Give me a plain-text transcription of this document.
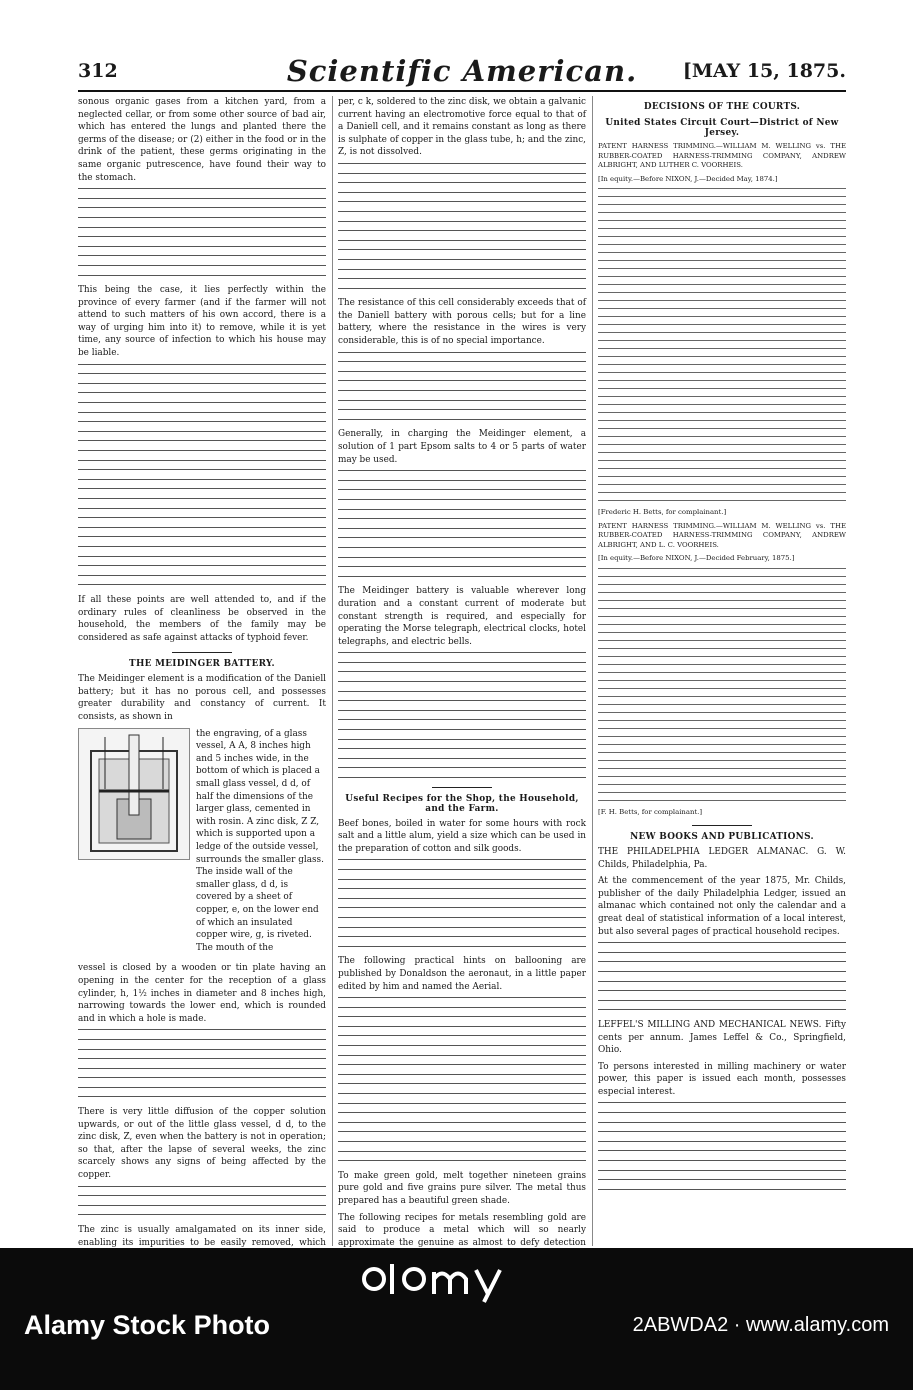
312	Scientific American.	[MAY 15, 1875.

sonous organic gases from a kitchen yard, from a neglected cellar, or from some other source of bad air, which has entered the lungs and planted there the germs of the disease; or (2) either in the food or in the drink of the patient, these germs originating in the same organic putrescence, have found their way to the stomach.

This being the case, it lies perfectly within the province of every farmer (and if the farmer will not attend to such matters of his own accord, there is a way of urging him into it) to remove, while it is yet time, any source of infection to which his house may be liable.

If all these points are well attended to, and if the ordinary rules of cleanliness be observed in the household, the members of the family may be considered as safe against attacks of typhoid fever.

THE MEIDINGER BATTERY.

The Meidinger element is a modification of the Daniell battery; but it has no porous cell, and possesses greater durability and constancy of current. It consists, as shown in

the engraving, of a glass vessel, A A, 8 inches high and 5 inches wide, in the bottom of which is placed a small glass vessel, d d, of half the dimensions of the larger glass, cemented in with rosin. A zinc disk, Z Z, which is supported upon a ledge of the outside vessel, surrounds the smaller glass. The inside wall of the smaller glass, d d, is covered by a sheet of copper, e, on the lower end of which an insulated copper wire, g, is riveted. The mouth of the

vessel is closed by a wooden or tin plate having an opening in the center for the reception of a glass cylinder, h, 1½ inches in diameter and 8 inches high, narrowing towards the lower end, which is rounded and in which a hole is made.

There is very little diffusion of the copper solution upwards, or out of the little glass vessel, d d, to the zinc disk, Z, even when the battery is not in operation; so that, after the lapse of several weeks, the zinc scarcely shows any signs of being affected by the copper.

The zinc is usually amalgamated on its inner side, enabling its impurities to be easily removed, which

per, c k, soldered to the zinc disk, we obtain a galvanic current having an electromotive force equal to that of a Daniell cell, and it remains constant as long as there is sulphate of copper in the glass tube, h; and the zinc, Z, is not dissolved.

The resistance of this cell considerably exceeds that of the Daniell battery with porous cells; but for a line battery, where the resistance in the wires is very considerable, this is of no special importance.

Generally, in charging the Meidinger element, a solution of 1 part Epsom salts to 4 or 5 parts of water may be used.

The Meidinger battery is valuable wherever long duration and a constant current of moderate but constant strength is required, and especially for operating the Morse telegraph, electrical clocks, hotel telegraphs, and electric bells.

Useful Recipes for the Shop, the Household, and the Farm.

Beef bones, boiled in water for some hours with rock salt and a little alum, yield a size which can be used in the preparation of cotton and silk goods.

The following practical hints on ballooning are published by Donaldson the aeronaut, in a little paper edited by him and named the Aerial.

To make green gold, melt together nineteen grains pure gold and five grains pure silver. The metal thus prepared has a beautiful green shade.

The following recipes for metals resembling gold are said to produce a metal which will so nearly approximate the genuine as almost to defy detection

DECISIONS OF THE COURTS.
United States Circuit Court—District of New Jersey.

PATENT HARNESS TRIMMING.—WILLIAM M. WELLING vs. THE RUBBER-COATED HARNESS-TRIMMING COMPANY, ANDREW ALBRIGHT, AND LUTHER C. VOORHEIS.

[In equity.—Before NIXON, J.—Decided May, 1874.]

[Frederic H. Betts, for complainant.]

PATENT HARNESS TRIMMING.—WILLIAM M. WELLING vs. THE RUBBER-COATED HARNESS-TRIMMING COMPANY, ANDREW ALBRIGHT, AND L. C. VOORHEIS.

[In equity.—Before NIXON, J.—Decided February, 1875.]

[F. H. Betts, for complainant.]

NEW BOOKS AND PUBLICATIONS.

THE PHILADELPHIA LEDGER ALMANAC. G. W. Childs, Philadelphia, Pa.

At the commencement of the year 1875, Mr. Childs, publisher of the daily Philadelphia Ledger, issued an almanac which contained not only the calendar and a great deal of statistical information of a local interest, but also several pages of practical household recipes.

LEFFEL'S MILLING AND MECHANICAL NEWS. Fifty cents per annum. James Leffel & Co., Springfield, Ohio.

To persons interested in milling machinery or water power, this paper is issued each month, possesses especial interest.

Alamy Stock Photo	2ABWDA2 · www.alamy.com
